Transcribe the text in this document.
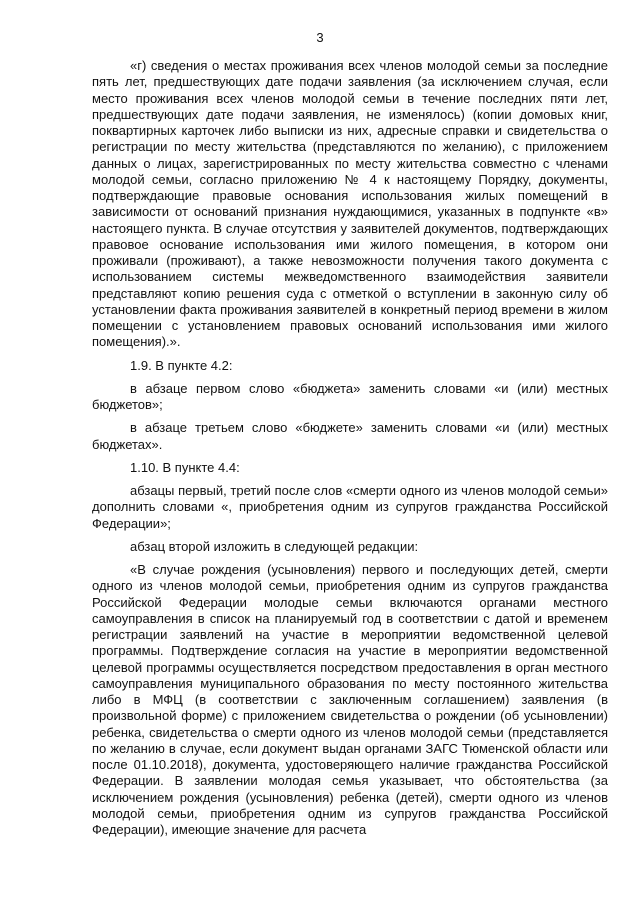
3

«г) сведения о местах проживания всех членов молодой семьи за последние пять лет, предшествующих дате подачи заявления (за исключением случая, если место проживания всех членов молодой семьи в течение последних пяти лет, предшествующих дате подачи заявления, не изменялось) (копии домовых книг, поквартирных карточек либо выписки из них, адресные справки и свидетельства о регистрации по месту жительства (представляются по желанию), с приложением данных о лицах, зарегистрированных по месту жительства совместно с членами молодой семьи, согласно приложению № 4 к настоящему Порядку, документы, подтверждающие правовые основания использования жилых помещений в зависимости от оснований признания нуждающимися, указанных в подпункте «в» настоящего пункта. В случае отсутствия у заявителей документов, подтверждающих правовое основание использования ими жилого помещения, в котором они проживали (проживают), а также невозможности получения такого документа с использованием системы межведомственного взаимодействия заявители представляют копию решения суда с отметкой о вступлении в законную силу об установлении факта проживания заявителей в конкретный период времени в жилом помещении с установлением правовых оснований использования ими жилого помещения).».

1.9. В пункте 4.2:

в абзаце первом слово «бюджета» заменить словами «и (или) местных бюджетов»;

в абзаце третьем слово «бюджете» заменить словами «и (или) местных бюджетах».

1.10. В пункте 4.4:

абзацы первый, третий после слов «смерти одного из членов молодой семьи» дополнить словами «, приобретения одним из супругов гражданства Российской Федерации»;

абзац второй изложить в следующей редакции:

«В случае рождения (усыновления) первого и последующих детей, смерти одного из членов молодой семьи, приобретения одним из супругов гражданства Российской Федерации молодые семьи включаются органами местного самоуправления в список на планируемый год в соответствии с датой и временем регистрации заявлений на участие в мероприятии ведомственной целевой программы. Подтверждение согласия на участие в мероприятии ведомственной целевой программы осуществляется посредством предоставления в орган местного самоуправления муниципального образования по месту постоянного жительства либо в МФЦ (в соответствии с заключенным соглашением) заявления (в произвольной форме) с приложением свидетельства о рождении (об усыновлении) ребенка, свидетельства о смерти одного из членов молодой семьи (представляется по желанию в случае, если документ выдан органами ЗАГС Тюменской области или после 01.10.2018), документа, удостоверяющего наличие гражданства Российской Федерации. В заявлении молодая семья указывает, что обстоятельства (за исключением рождения (усыновления) ребенка (детей), смерти одного из членов молодой семьи, приобретения одним из супругов гражданства Российской Федерации), имеющие значение для расчета
